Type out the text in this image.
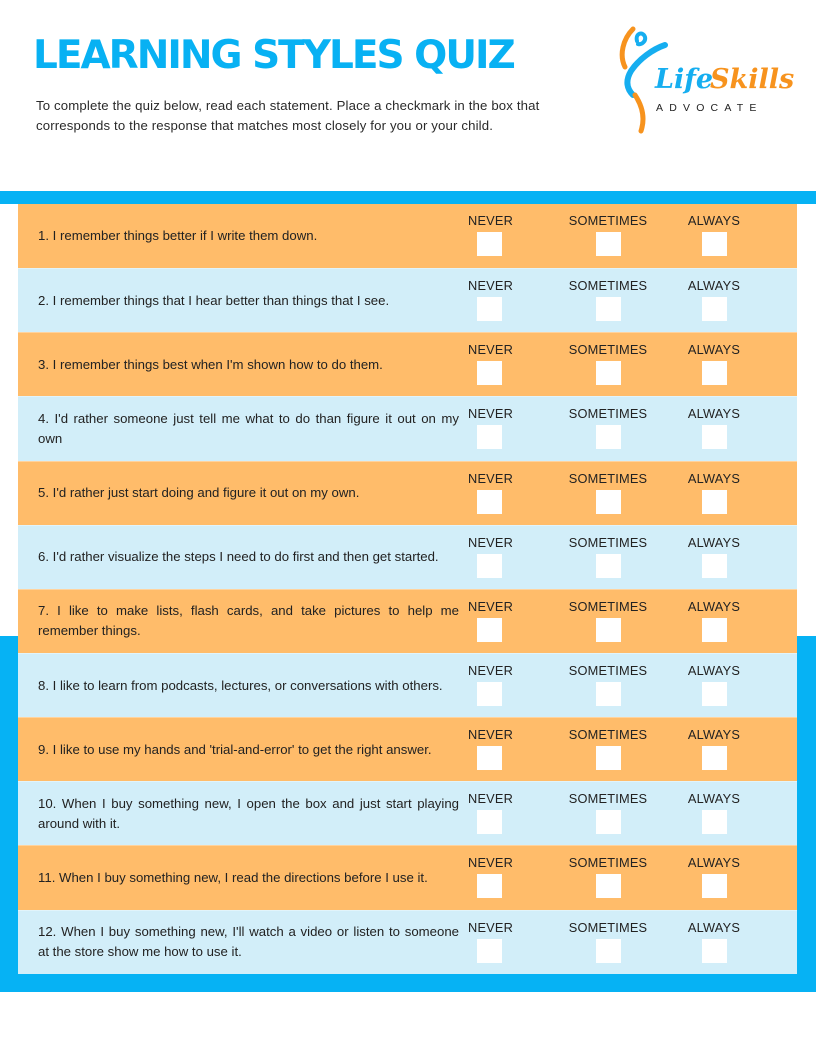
LEARNING STYLES QUIZ
To complete the quiz below, read each statement. Place a checkmark in the box that corresponds to the response that matches most closely for you or your child.
Life
Skills
ADVOCATE
1. I remember things better if I write them down.
NEVER	SOMETIMES	ALWAYS
2. I remember things that I hear better than things that I see.
NEVER	SOMETIMES	ALWAYS
3. I remember things best when I'm shown how to do them.
NEVER	SOMETIMES	ALWAYS
4. I'd rather someone just tell me what to do than figure it out on my own
NEVER	SOMETIMES	ALWAYS
5. I'd rather just start doing and figure it out on my own.
NEVER	SOMETIMES	ALWAYS
6. I'd rather visualize the steps I need to do first and then get started.
NEVER	SOMETIMES	ALWAYS
7. I like to make lists, flash cards, and take pictures to help me remember things.
NEVER	SOMETIMES	ALWAYS
8. I like to learn from podcasts, lectures, or conversations with others.
NEVER	SOMETIMES	ALWAYS
9. I like to use my hands and 'trial-and-error' to get the right answer.
NEVER	SOMETIMES	ALWAYS
10. When I buy something new, I open the box and just start playing around with it.
NEVER	SOMETIMES	ALWAYS
11. When I buy something new, I read the directions before I use it.
NEVER	SOMETIMES	ALWAYS
12. When I buy something new, I'll watch a video or listen to someone at the store show me how to use it.
NEVER	SOMETIMES	ALWAYS
